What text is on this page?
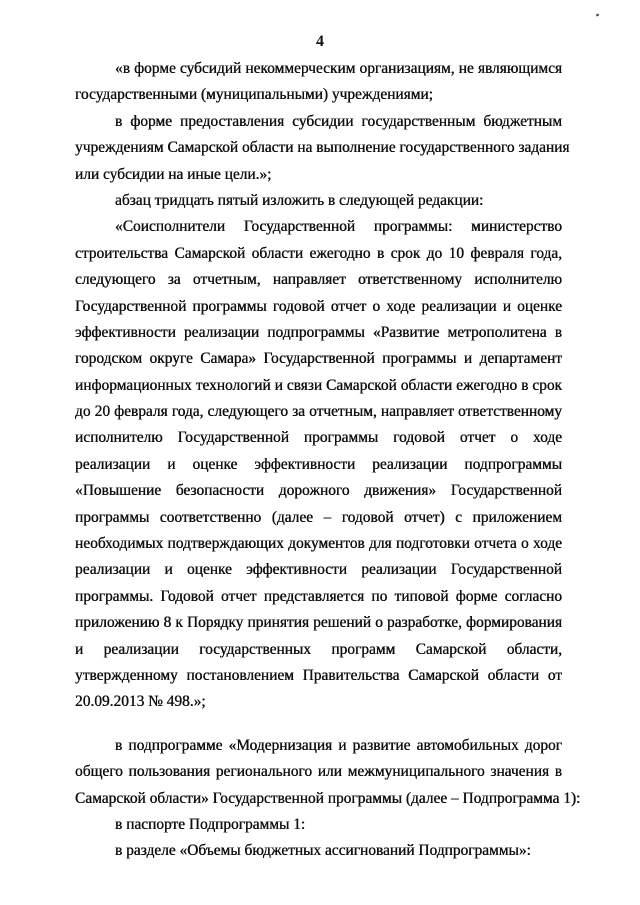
4
«в форме субсидий некоммерческим организациям, не являющимся
государственными (муниципальными) учреждениями;
в форме предоставления субсидии государственным бюджетным
учреждениям Самарской области на выполнение государственного задания
или субсидии на иные цели.»;
абзац тридцать пятый изложить в следующей редакции:
«Соисполнители Государственной программы: министерство
строительства Самарской области ежегодно в срок до 10 февраля года,
следующего за отчетным, направляет ответственному исполнителю
Государственной программы годовой отчет о ходе реализации и оценке
эффективности реализации подпрограммы «Развитие метрополитена в
городском округе Самара» Государственной программы и департамент
информационных технологий и связи Самарской области ежегодно в срок
до 20 февраля года, следующего за отчетным, направляет ответственному
исполнителю Государственной программы годовой отчет о ходе
реализации и оценке эффективности реализации подпрограммы
«Повышение безопасности дорожного движения» Государственной
программы соответственно (далее – годовой отчет) с приложением
необходимых подтверждающих документов для подготовки отчета о ходе
реализации и оценке эффективности реализации Государственной
программы. Годовой отчет представляется по типовой форме согласно
приложению 8 к Порядку принятия решений о разработке, формирования
и реализации государственных программ Самарской области,
утвержденному постановлением Правительства Самарской области от
20.09.2013 № 498.»;
в подпрограмме «Модернизация и развитие автомобильных дорог
общего пользования регионального или межмуниципального значения в
Самарской области» Государственной программы (далее – Подпрограмма 1):
в паспорте Подпрограммы 1:
в разделе «Объемы бюджетных ассигнований Подпрограммы»:
